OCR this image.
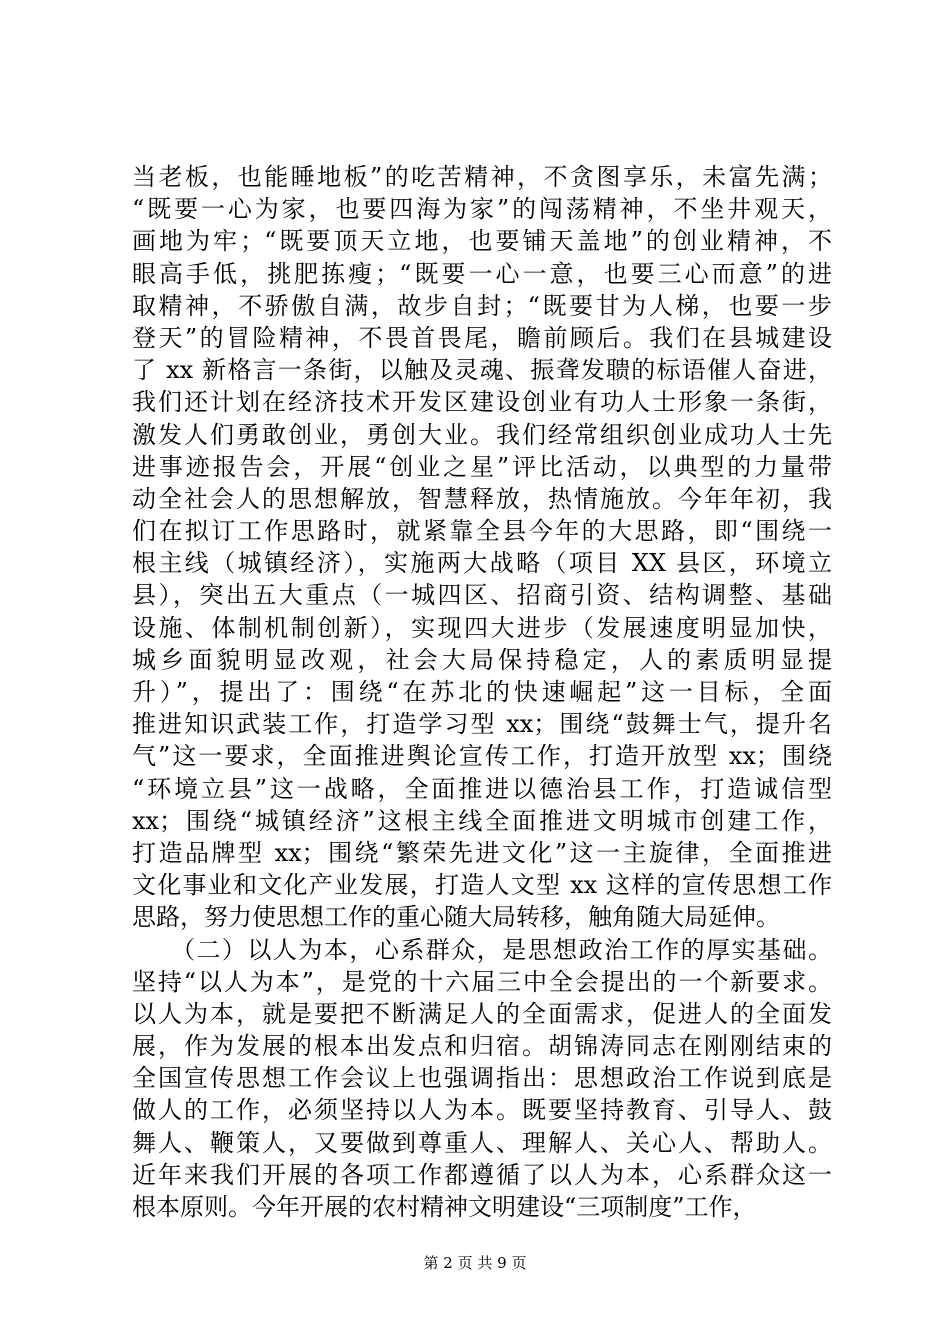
当老板，也能睡地板”的吃苦精神，不贪图享乐，未富先满；
“既要一心为家，也要四海为家”的闯荡精神，不坐井观天，
画地为牢；“既要顶天立地，也要铺天盖地”的创业精神，不
眼高手低，挑肥拣瘦；“既要一心一意，也要三心而意”的进
取精神，不骄傲自满，故步自封；“既要甘为人梯，也要一步
登天”的冒险精神，不畏首畏尾，瞻前顾后。我们在县城建设
了 xx 新格言一条街，以触及灵魂、振聋发聩的标语催人奋进，
我们还计划在经济技术开发区建设创业有功人士形象一条街，
激发人们勇敢创业，勇创大业。我们经常组织创业成功人士先
进事迹报告会，开展“创业之星”评比活动，以典型的力量带
动全社会人的思想解放，智慧释放，热情施放。今年年初，我
们在拟订工作思路时，就紧靠全县今年的大思路，即“围绕一
根主线（城镇经济），实施两大战略（项目 XX 县区，环境立
县），突出五大重点（一城四区、招商引资、结构调整、基础
设施、体制机制创新），实现四大进步（发展速度明显加快，
城乡面貌明显改观，社会大局保持稳定，人的素质明显提
升）”，提出了：围绕“在苏北的快速崛起”这一目标，全面
推进知识武装工作，打造学习型 xx；围绕“鼓舞士气，提升名
气”这一要求，全面推进舆论宣传工作，打造开放型 xx；围绕
“环境立县”这一战略，全面推进以德治县工作，打造诚信型
xx；围绕“城镇经济”这根主线全面推进文明城市创建工作，
打造品牌型 xx；围绕“繁荣先进文化”这一主旋律，全面推进
文化事业和文化产业发展，打造人文型 xx 这样的宣传思想工作
思路，努力使思想工作的重心随大局转移，触角随大局延伸。
　　（二）以人为本，心系群众，是思想政治工作的厚实基础。
坚持“以人为本”，是党的十六届三中全会提出的一个新要求。
以人为本，就是要把不断满足人的全面需求，促进人的全面发
展，作为发展的根本出发点和归宿。胡锦涛同志在刚刚结束的
全国宣传思想工作会议上也强调指出：思想政治工作说到底是
做人的工作，必须坚持以人为本。既要坚持教育、引导人、鼓
舞人、鞭策人，又要做到尊重人、理解人、关心人、帮助人。
近年来我们开展的各项工作都遵循了以人为本，心系群众这一
根本原则。今年开展的农村精神文明建设“三项制度”工作，
第 2 页 共 9 页
